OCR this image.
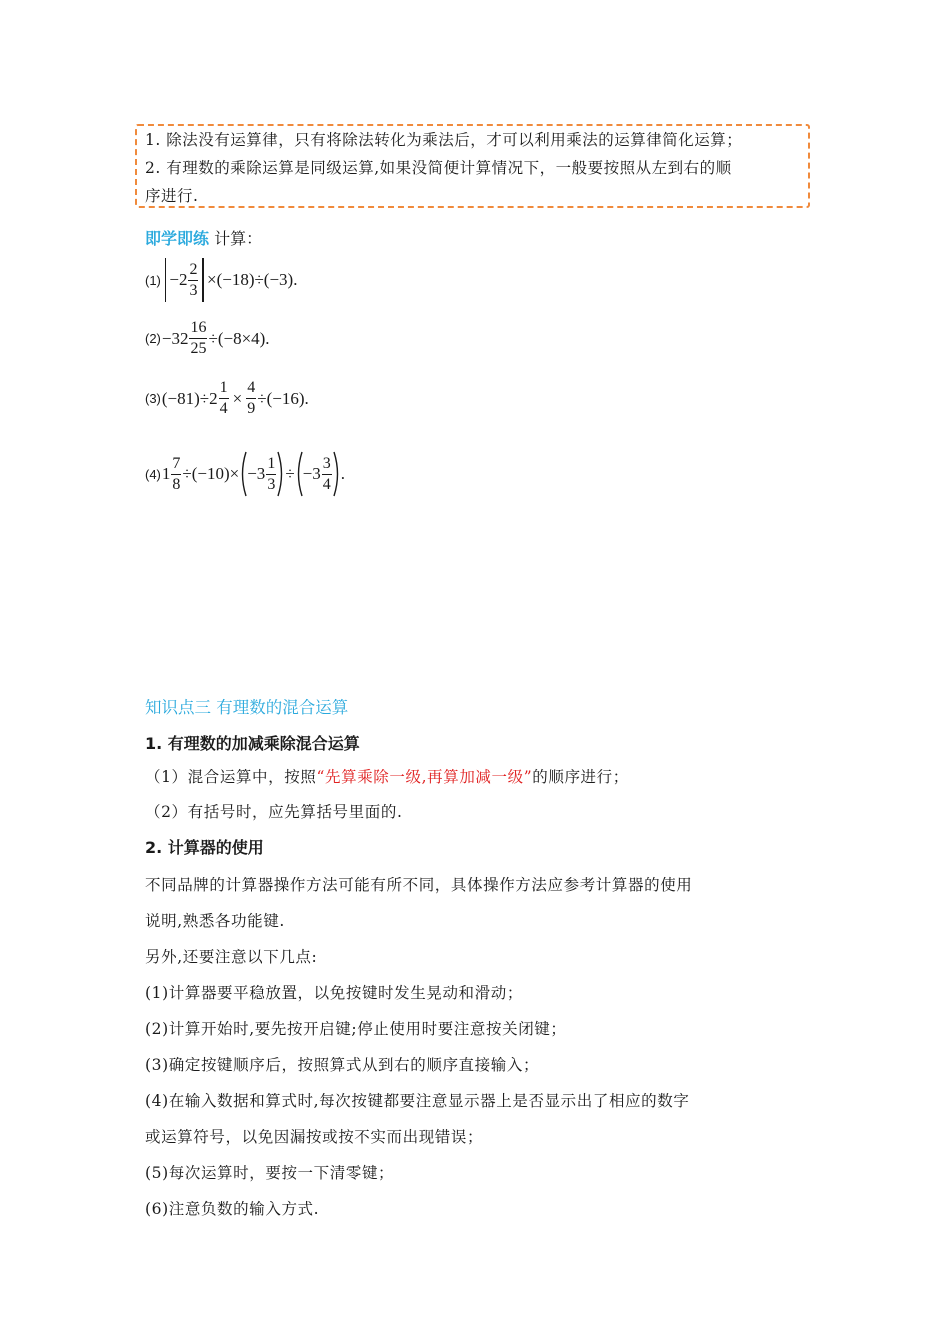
1. 除法没有运算律，只有将除法转化为乘法后，才可以利用乘法的运算律简化运算；
2. 有理数的乘除运算是同级运算,如果没简便计算情况下，一般要按照从左到右的顺
序进行.
即学即练 计算：
$(1) -2 \frac{2}{3} \times(-18)\div(-3)$.
$(2) -32 \frac{16}{25} \div(-8\times 4)$.
(3) $(-81)\div 2 \frac{1}{4} \times \frac{4}{9} \div(-16)$.
(4) $1 \frac{7}{8} \div(-10)\times -3 \frac{1}{3} \div -3 \frac{3}{4}$ .
知识点三 有理数的混合运算
1. 有理数的加减乘除混合运算
（1）混合运算中，按照“先算乘除一级,再算加减一级”的顺序进行；
（2）有括号时，应先算括号里面的.
2. 计算器的使用
不同品牌的计算器操作方法可能有所不同，具体操作方法应参考计算器的使用
说明,熟悉各功能键.
另外,还要注意以下几点:
(1)计算器要平稳放置，以免按键时发生晃动和滑动；
(2)计算开始时,要先按开启键;停止使用时要注意按关闭键；
(3)确定按键顺序后，按照算式从到右的顺序直接输入；
(4)在输入数据和算式时,每次按键都要注意显示器上是否显示出了相应的数字
或运算符号，以免因漏按或按不实而出现错误；
(5)每次运算时，要按一下清零键；
(6)注意负数的输入方式.
